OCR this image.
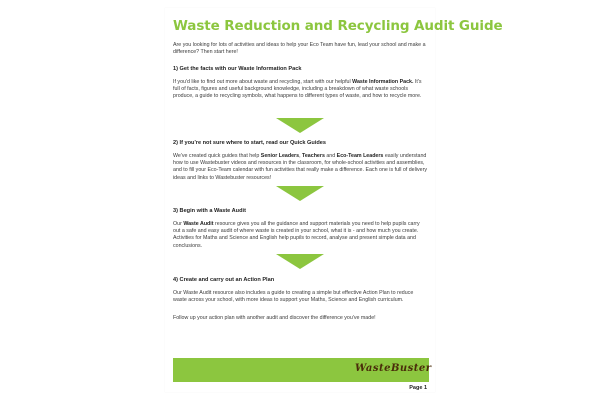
Waste Reduction and Recycling Audit Guide
Are you looking for lots of activities and ideas to help your Eco Team have fun, lead your school and make a difference? Then start here!
1) Get the facts with our Waste Information Pack
If you'd like to find out more about waste and recycling, start with our helpful Waste Information Pack. It's full of facts, figures and useful background knowledge, including a breakdown of what waste schools produce, a guide to recycling symbols, what happens to different types of waste, and how to recycle more.
2) If you're not sure where to start, read our Quick Guides
We've created quick guides that help Senior Leaders, Teachers and Eco-Team Leaders easily understand how to use Wastebuster videos and resources in the classroom, for whole-school activities and assemblies, and to fill your Eco-Team calendar with fun activities that really make a difference. Each one is full of delivery ideas and links to Wastebuster resources!
3) Begin with a Waste Audit
Our Waste Audit resource gives you all the guidance and support materials you need to help pupils carry out a safe and easy audit of where waste is created in your school, what it is - and how much you create. Activities for Maths and Science and English help pupils to record, analyse and present simple data and conclusions.
4) Create and carry out an Action Plan
Our Waste Audit resource also includes a guide to creating a simple but effective Action Plan to reduce waste across your school, with more ideas to support your Maths, Science and English curriculum.
Follow up your action plan with another audit and discover the difference you've made!
WasteBuster
Page 1
